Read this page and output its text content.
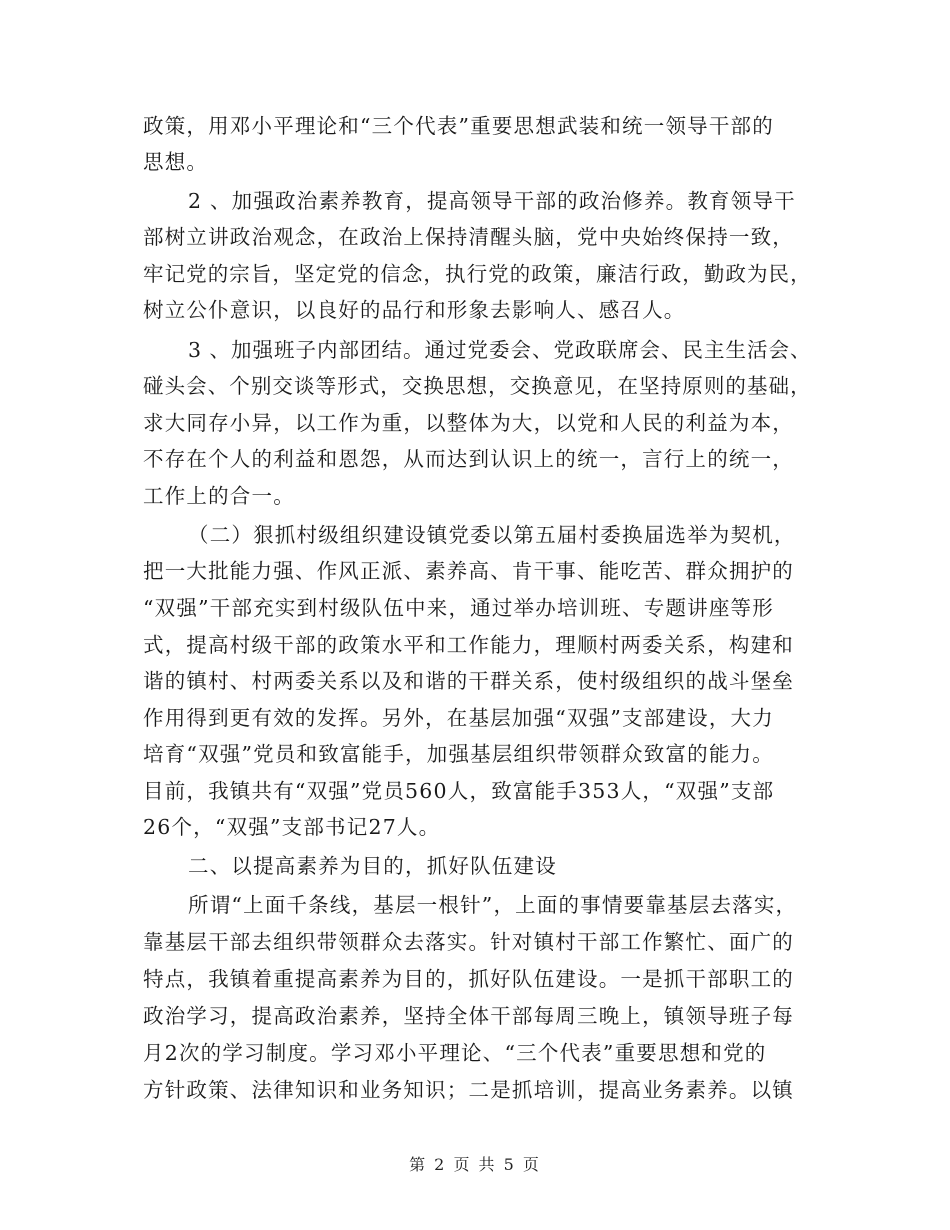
政策，用邓小平理论和“三个代表”重要思想武装和统一领导干部的
思想。
2 、加强政治素养教育，提高领导干部的政治修养。教育领导干
部树立讲政治观念，在政治上保持清醒头脑，党中央始终保持一致，
牢记党的宗旨，坚定党的信念，执行党的政策，廉洁行政，勤政为民，
树立公仆意识，以良好的品行和形象去影响人、感召人。
3 、加强班子内部团结。通过党委会、党政联席会、民主生活会、
碰头会、个别交谈等形式，交换思想，交换意见，在坚持原则的基础，
求大同存小异，以工作为重，以整体为大，以党和人民的利益为本，
不存在个人的利益和恩怨，从而达到认识上的统一，言行上的统一，
工作上的合一。
（二）狠抓村级组织建设镇党委以第五届村委换届选举为契机，
把一大批能力强、作风正派、素养高、肯干事、能吃苦、群众拥护的
“双强”干部充实到村级队伍中来，通过举办培训班、专题讲座等形
式，提高村级干部的政策水平和工作能力，理顺村两委关系，构建和
谐的镇村、村两委关系以及和谐的干群关系，使村级组织的战斗堡垒
作用得到更有效的发挥。另外，在基层加强“双强”支部建设，大力
培育“双强”党员和致富能手，加强基层组织带领群众致富的能力。
目前，我镇共有“双强”党员560人，致富能手353人，“双强”支部
26个，“双强”支部书记27人。
二、以提高素养为目的，抓好队伍建设
所谓“上面千条线，基层一根针”，上面的事情要靠基层去落实，
靠基层干部去组织带领群众去落实。针对镇村干部工作繁忙、面广的
特点，我镇着重提高素养为目的，抓好队伍建设。一是抓干部职工的
政治学习，提高政治素养，坚持全体干部每周三晚上，镇领导班子每
月2次的学习制度。学习邓小平理论、“三个代表”重要思想和党的
方针政策、法律知识和业务知识；二是抓培训，提高业务素养。以镇
第 2 页 共 5 页
